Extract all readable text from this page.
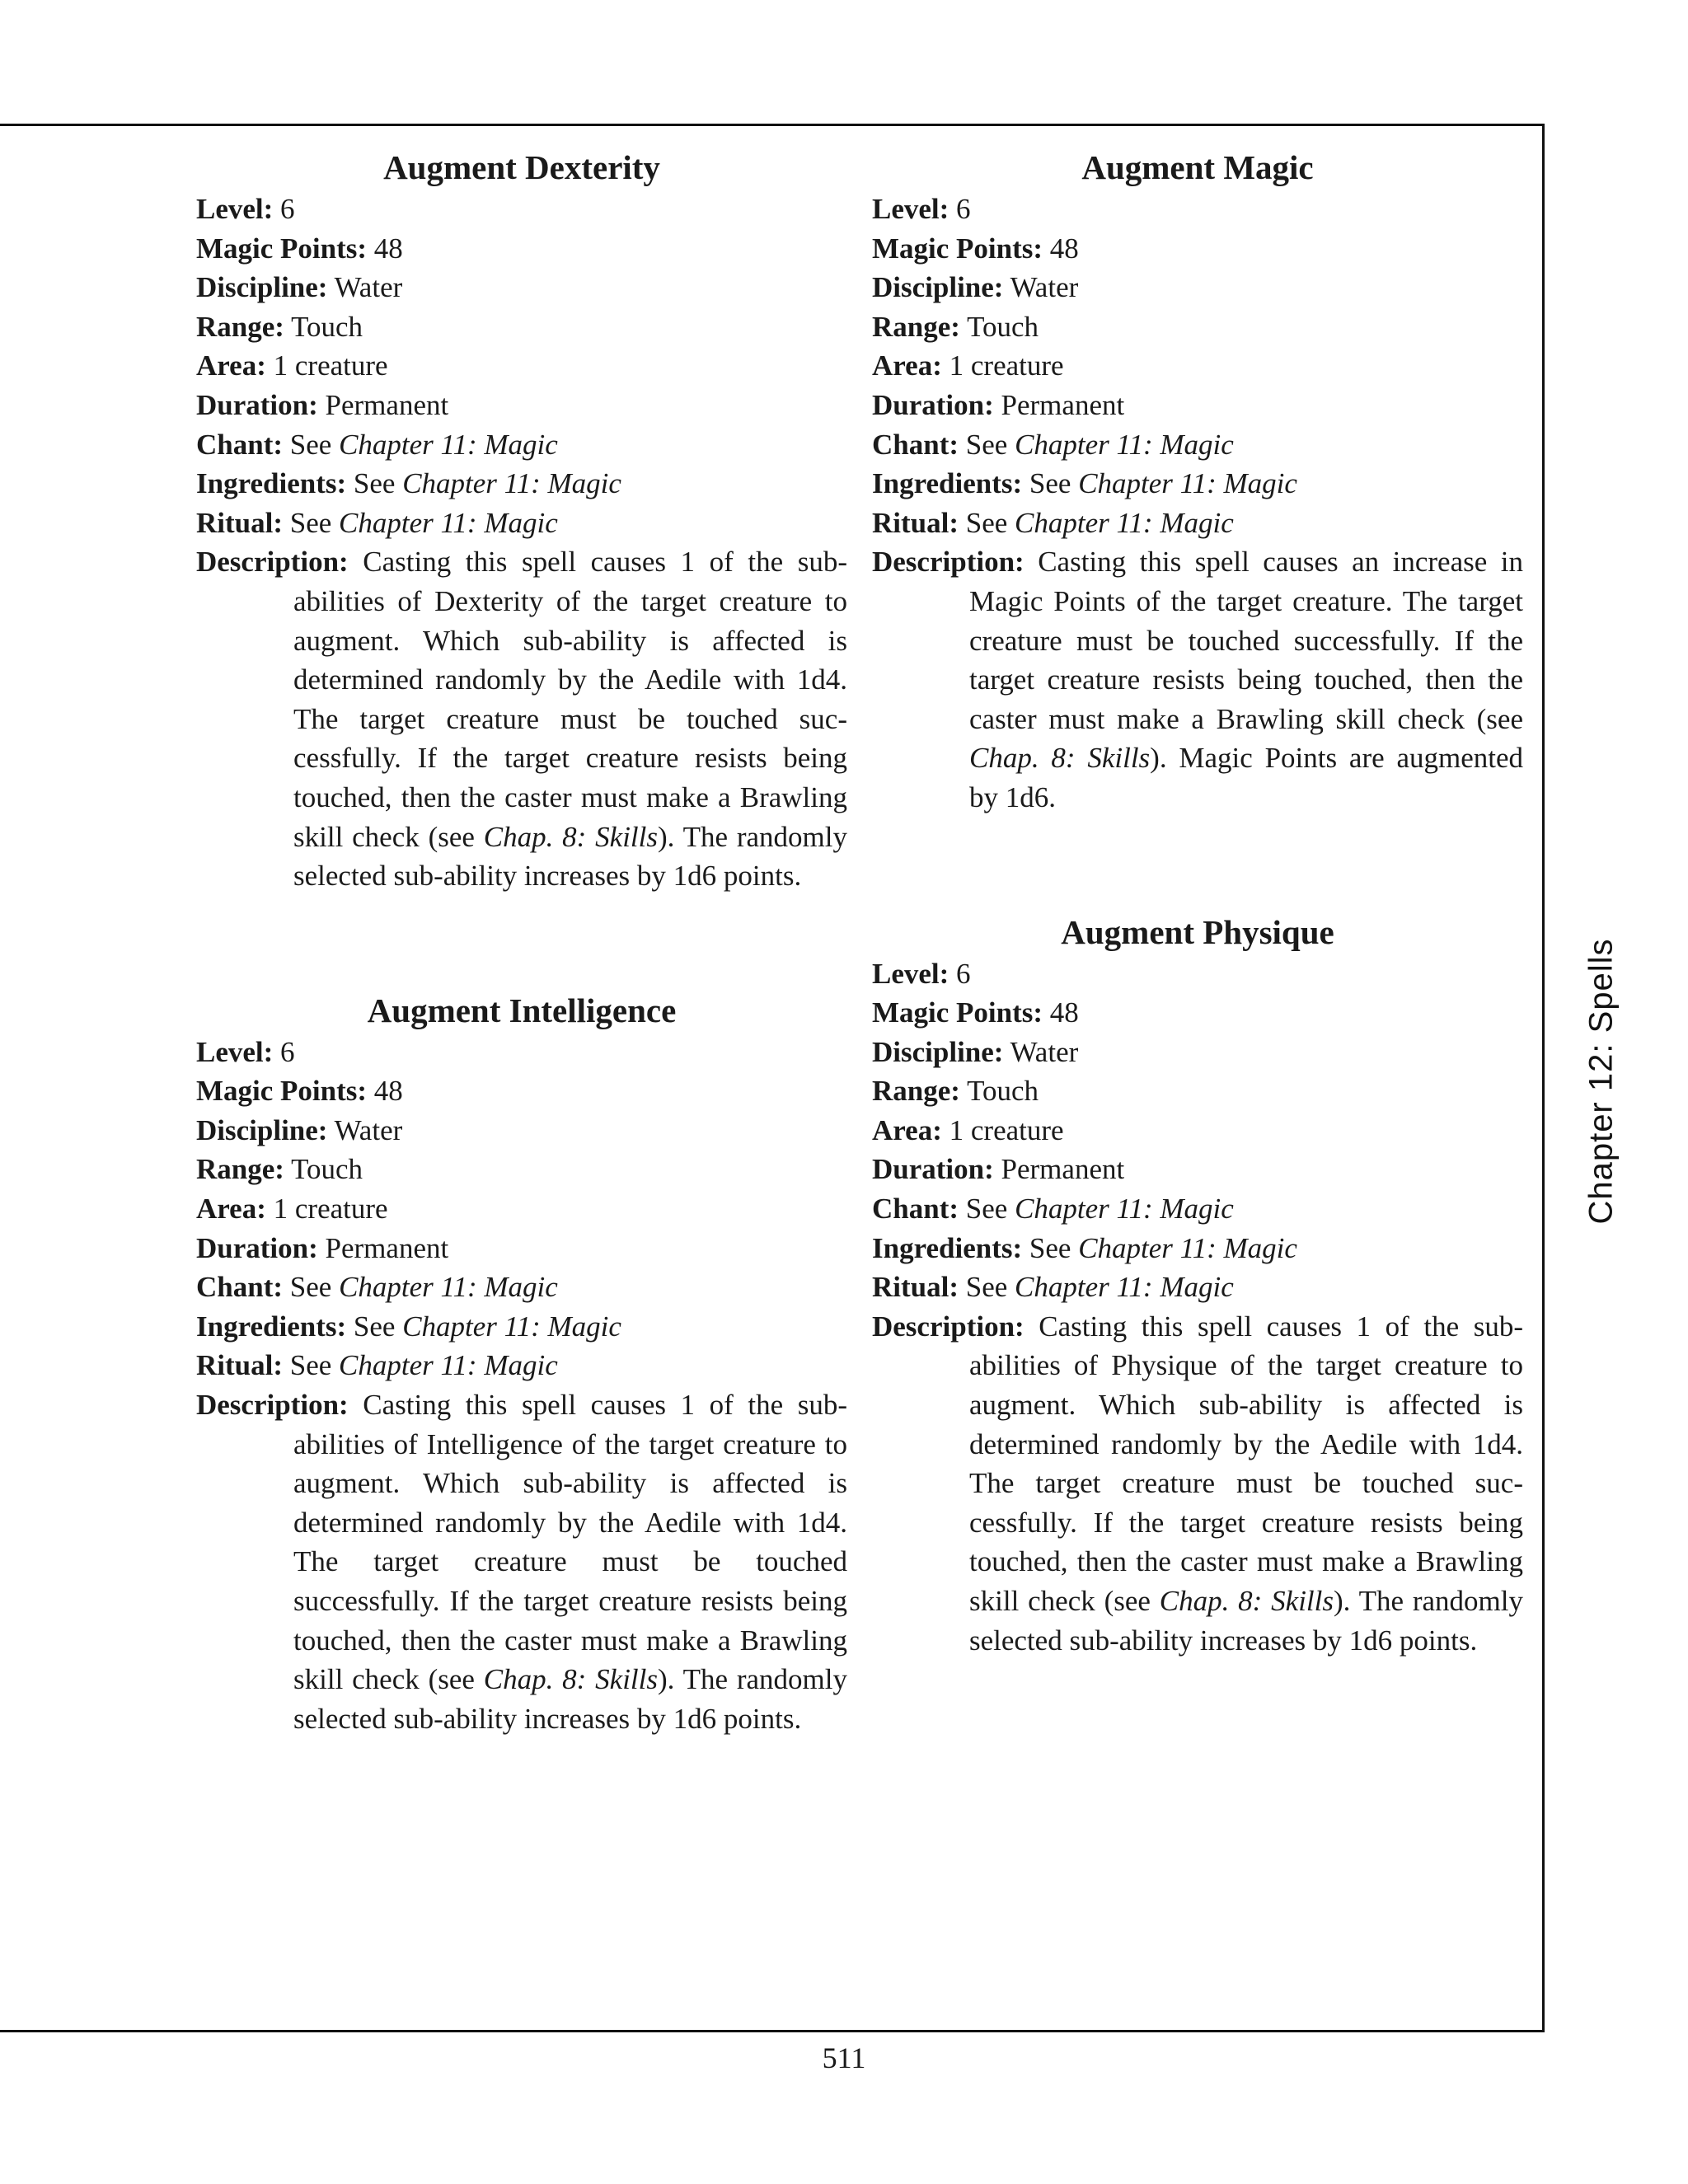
Augment Dexterity
Level: 6
Magic Points: 48
Discipline: Water
Range: Touch
Area: 1 creature
Duration: Permanent
Chant: See Chapter 11: Magic
Ingredients: See Chapter 11: Magic
Ritual: See Chapter 11: Magic
Description: Casting this spell causes 1 of the subabilities of Dexterity of the target creature to augment. Which sub-ability is affected is determined randomly by the Aedile with 1d4. The target creature must be touched successfully. If the target creature resists being touched, then the caster must make a Brawling skill check (see Chap. 8: Skills). The randomly selected sub-ability increases by 1d6 points.
Augment Intelligence
Level: 6
Magic Points: 48
Discipline: Water
Range: Touch
Area: 1 creature
Duration: Permanent
Chant: See Chapter 11: Magic
Ingredients: See Chapter 11: Magic
Ritual: See Chapter 11: Magic
Description: Casting this spell causes 1 of the subabilities of Intelligence of the target creature to augment. Which sub-ability is affected is determined randomly by the Aedile with 1d4. The target creature must be touched successfully. If the target creature resists being touched, then the caster must make a Brawling skill check (see Chap. 8: Skills). The randomly selected sub-ability increases by 1d6 points.
Augment Magic
Level: 6
Magic Points: 48
Discipline: Water
Range: Touch
Area: 1 creature
Duration: Permanent
Chant: See Chapter 11: Magic
Ingredients: See Chapter 11: Magic
Ritual: See Chapter 11: Magic
Description: Casting this spell causes an increase in Magic Points of the target creature. The target creature must be touched successfully. If the target creature resists being touched, then the caster must make a Brawling skill check (see Chap. 8: Skills). Magic Points are augmented by 1d6.
Augment Physique
Level: 6
Magic Points: 48
Discipline: Water
Range: Touch
Area: 1 creature
Duration: Permanent
Chant: See Chapter 11: Magic
Ingredients: See Chapter 11: Magic
Ritual: See Chapter 11: Magic
Description: Casting this spell causes 1 of the subabilities of Physique of the target creature to augment. Which sub-ability is affected is determined randomly by the Aedile with 1d4. The target creature must be touched successfully. If the target creature resists being touched, then the caster must make a Brawling skill check (see Chap. 8: Skills). The randomly selected sub-ability increases by 1d6 points.
Chapter 12: Spells
511
